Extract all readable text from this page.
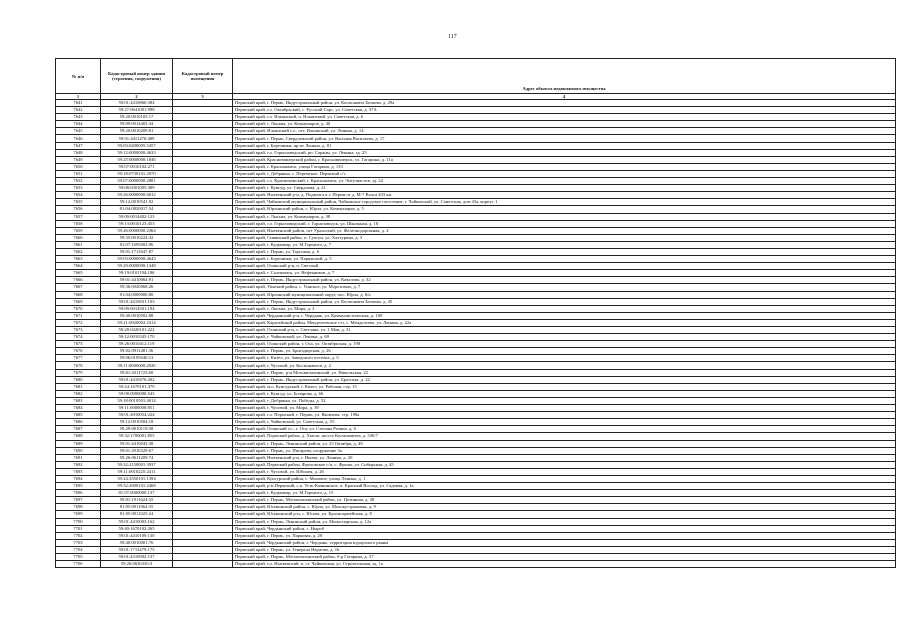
117
№ п/п	Кадастровый номер здания (строения, сооружения)	Кадастровый номер помещения	Адрес объекта недвижимого имущества
1	2	3	4
7641	59:01:4410860:384		Пермский край, г. Пермь, Индустриальный район, ул. Космонавта Беляева, д. 29а
7642	59:27:0641001:998		Пермский край, г.о. Октябрьский, с. Русский Сарс, ул. Советская, д. 37А
7643	59:20:0010103:17		Пермский край, г.о. Ильинский, п. Ильинский, ул. Советская, д. 6
7644	59:09:0014403:34		Пермский край, г. Лысьва, ул. Коммунаров, д. 40
7645	59:20:0010209:81		Пермский край, Ильинский г.о., пгт. Ильинский, ул. Ленина, д. 14
7646	59:01:4411470:489		Пермский край, г. Пермь, Свердловский район, ул. Василия Васильева, д. 17
7647	59:03:0200005:5457		Пермский край, г. Березники, пр-кт Ленина, д. 81
7648	59:12:0000000:4633		Пермский край, г.о. Горнозаводский, рп. Сараны, ул. Ленина, зд. 25
7649	59:25:0000000:1846		Пермский край, Красновишерский район, г. Красновишерск, ул. Гагарина, д. 11а
7650	59:07:0010102:271		Пермский край, г. Краснокамск, улица Гагарина, д. 133
7651	59:18:0730101:2070		Пермский край, г. Добрянка, с. Перемское, Пермский с/с
7652	59:07:0000000:2881		Пермский край, г.о. Краснокамский, г. Краснокамск, ул. Энтузиастов, зд. 22
7653	59:08:0301005:389		Пермский край, г. Кунгур, ул. Свердлова, д. 21
7654	59:26:0000000:6812		Пермский край, Нытвенский р-н, д. Подволга к г. Перми от д. М-7 Волга 433 км
7655	59:12:0010541:92		Пермский край, Чайковский муниципальный район, Чайковское городское поселение, г. Чайковский, ул. Советская, дом 43а, корпус 1
7656	81:04:0820017:54		Пермский край, Юрлинский район, с. Юрла, ул. Коммунаров, д. 5
7657	59:09:0014402:123		Пермский край, г. Лысьва, ул. Коммунаров, д. 38
7658	59:13:0010123:453		Пермский край, г.о. Горнозаводский, г. Горнозаводск, ул. Школьная, д. 18
7659	59:26:0000000:2364		Пермский край, Нытвенский район, пгт Уральский, ул. Железнодорожная, д. 4
7660	59:35:0010224:32		Пермский край, Сивинский район, п. Суксун, ул. Халтурина, д. 3
7661	81:07:1695002:96		Пермский край, г. Кудымкар, ул. М.Горького, д. 7
7662	59:01:1713047:87		Пермский край, г. Пермь, ул. Торговая, д. 6
7663	59:03:0000000:4643		Пермский край, г. Березники, ул. Парижской, д. 5
7664	59:29:0000000:1348		Пермский край, Осинский р-н, п. Светлый
7665	59:19:0101194:186		Пермский край, г. Соликамск, ул. Нефтяников, д. 7
7666	59:01:4410064:91		Пермский край, г. Пермь, Индустриальный район, ул. Качалова, д. 32
7667	59:36:0020068:26		Пермский край, Уинский район, с. Уинское, ул. Морозовых, д. 7
7668	81:04:0000000:80		Пермский край, Юрлинский муниципальный округ, пос. Юрла, д. 8/а
7669	59:01:4410831:103		Пермский край, г. Пермь, Индустриальный район, ул. Космонавта Беляева, д. 45
7670	59:09:0014501:194		Пермский край, г. Лысьва, ул. Мира, д. 3
7671	59:40:0010502:88		Пермский край, Чердынский р-н, г. Чердынь, ул. Коммунистическая, д. 100
7672	59:21:0920002:2314		Пермский край, Карагайский район, Менделеевское с/п, с. Менделеево, ул. Ленина, д. 22а
7673	59:28:0420101:222		Пермский край, Оханский р-н, с. Светлана, ул. 1 Мая, д. 31
7674	59:12:0010345:170		Пермский край, г. Чайковский, ул. Ленина, д. 69
7675	59:26:0010412:119		Пермский край, Осинский район, г. Оса, ул. Октябрьская, д. 198
7676	59:02:0911481:36		Пермский край, г. Пермь, ул. Бригадирская, д. 26
7677	59:06:0105040:13		Пермский край, г. Кизел, ул. Заводского поселка, д. 5
7678	59:11:0000000:2920		Пермский край, г. Чусовой, ул. Космонавтов, д. 2
7679	59:01:4311723:60		Пермский край, г. Пермь, р-н Мотовилихинский, ул. Никольская, 22
7680	59:01:4410470:202		Пермский край, г. Пермь, Индустриальный район, ул. Братская, д. 22
7681	59:24:1670101:379		Пермский край, м.о. Кунгурский, г. Кизел, ул. Рабочая, стр. 15
7682	59:08:0000000:543		Пермский край, г. Кунгур, ул. Бочарова, д. 66
7683	59:18:0010501:4014		Пермский край, г. Добрянка, ул. Победы, д. 52
7684	59:11:0000000:851		Пермский край, г. Чусовой, ул. Мира, д. 39
7685	59:01:4910054:224		Пермский край, г.о. Пермский, г. Пермь, ул. Яковлева, стр. 198а
7686	59:12:0010504:18		Пермский край, г. Чайковский, ул. Советская, д. 55
7687	59:29:0010119:38		Пермский край, Осинский г.о., г. Оса, ул. Степана Разина, д. 6
7688	59:32:1700001:855		Пермский край, Пермский район, д. Хмели, шоссе Космонавтов, д. 330/7
7689	59:01:4410043:38		Пермский край, г. Пермь, Ленинский район, ул. 25 Октября, д. 48
7690	59:01:2910329:67		Пермский край, г. Пермь, ул. Писарева, сооружение 3а
7691	59:26:0611209:74		Пермский край, Нытвенский р-н, г. Нытва, ул. Ленина, д. 20
7692	59:32:2150001:3937		Пермский край, Пермский район, Фроловское с/п, с. Фролы, ул. Сибирская, д. 45
7693	59:11:0010225:2411		Пермский край, г. Чусовой, ул. Юбилея, д. 26
7694	59:24:3550101:1394		Пермский край, Кунгурский район, с. Моховое, улица Ленина, д. 1
7695	59:32:2000101:2468		Пермский край, р-н Пермский, с.п. Усть-Качкинское, п. Красный Восход, ул. Садовая, д. 1а
7696	81:07:0000000:137		Пермский край, г. Кудымкар, ул. М.Горького, д. 15
7697	59:01:1911624:55		Пермский край, г. Пермь, Мотовилихинский район, ул. Целинная, д. 38
7698	81:05:0011064:35		Пермский край, Юсьвинский район, с. Юрла, ул. Малокустрановая, д. 9
7699	81:05:0011025:24		Пермский край, Юсьвинский р-н, с. Юсьва, ул. Красноармейская, д. 8
7700	59:01:4410003:162		Пермский край, г. Пермь, Ленинский район, ул. Монастырская, д. 12а
7701	59:40:1670102:265		Пермский край, Чердынский район, с. Ныроб
7702	59:01:4410109:130		Пермский край, г. Пермь, ул. Парковая, д. 20
7703	59:40:0010001:76		Пермский край, Чердынский район, г. Чердынь, территория курортного рынка
7704	59:01:1713479:175		Пермский край, г. Пермь, ул. Генерала Наумова, д. 16
7705	59:01:4310902:137		Пермский край, г. Пермь, Мотовилихинский район, б-р Гагарина, д. 37
7706	59:26:0630330:3		Пермский край, г.о. Нытвенский, п. ст. Чайковская, ул. Строительная, зд. 1а
